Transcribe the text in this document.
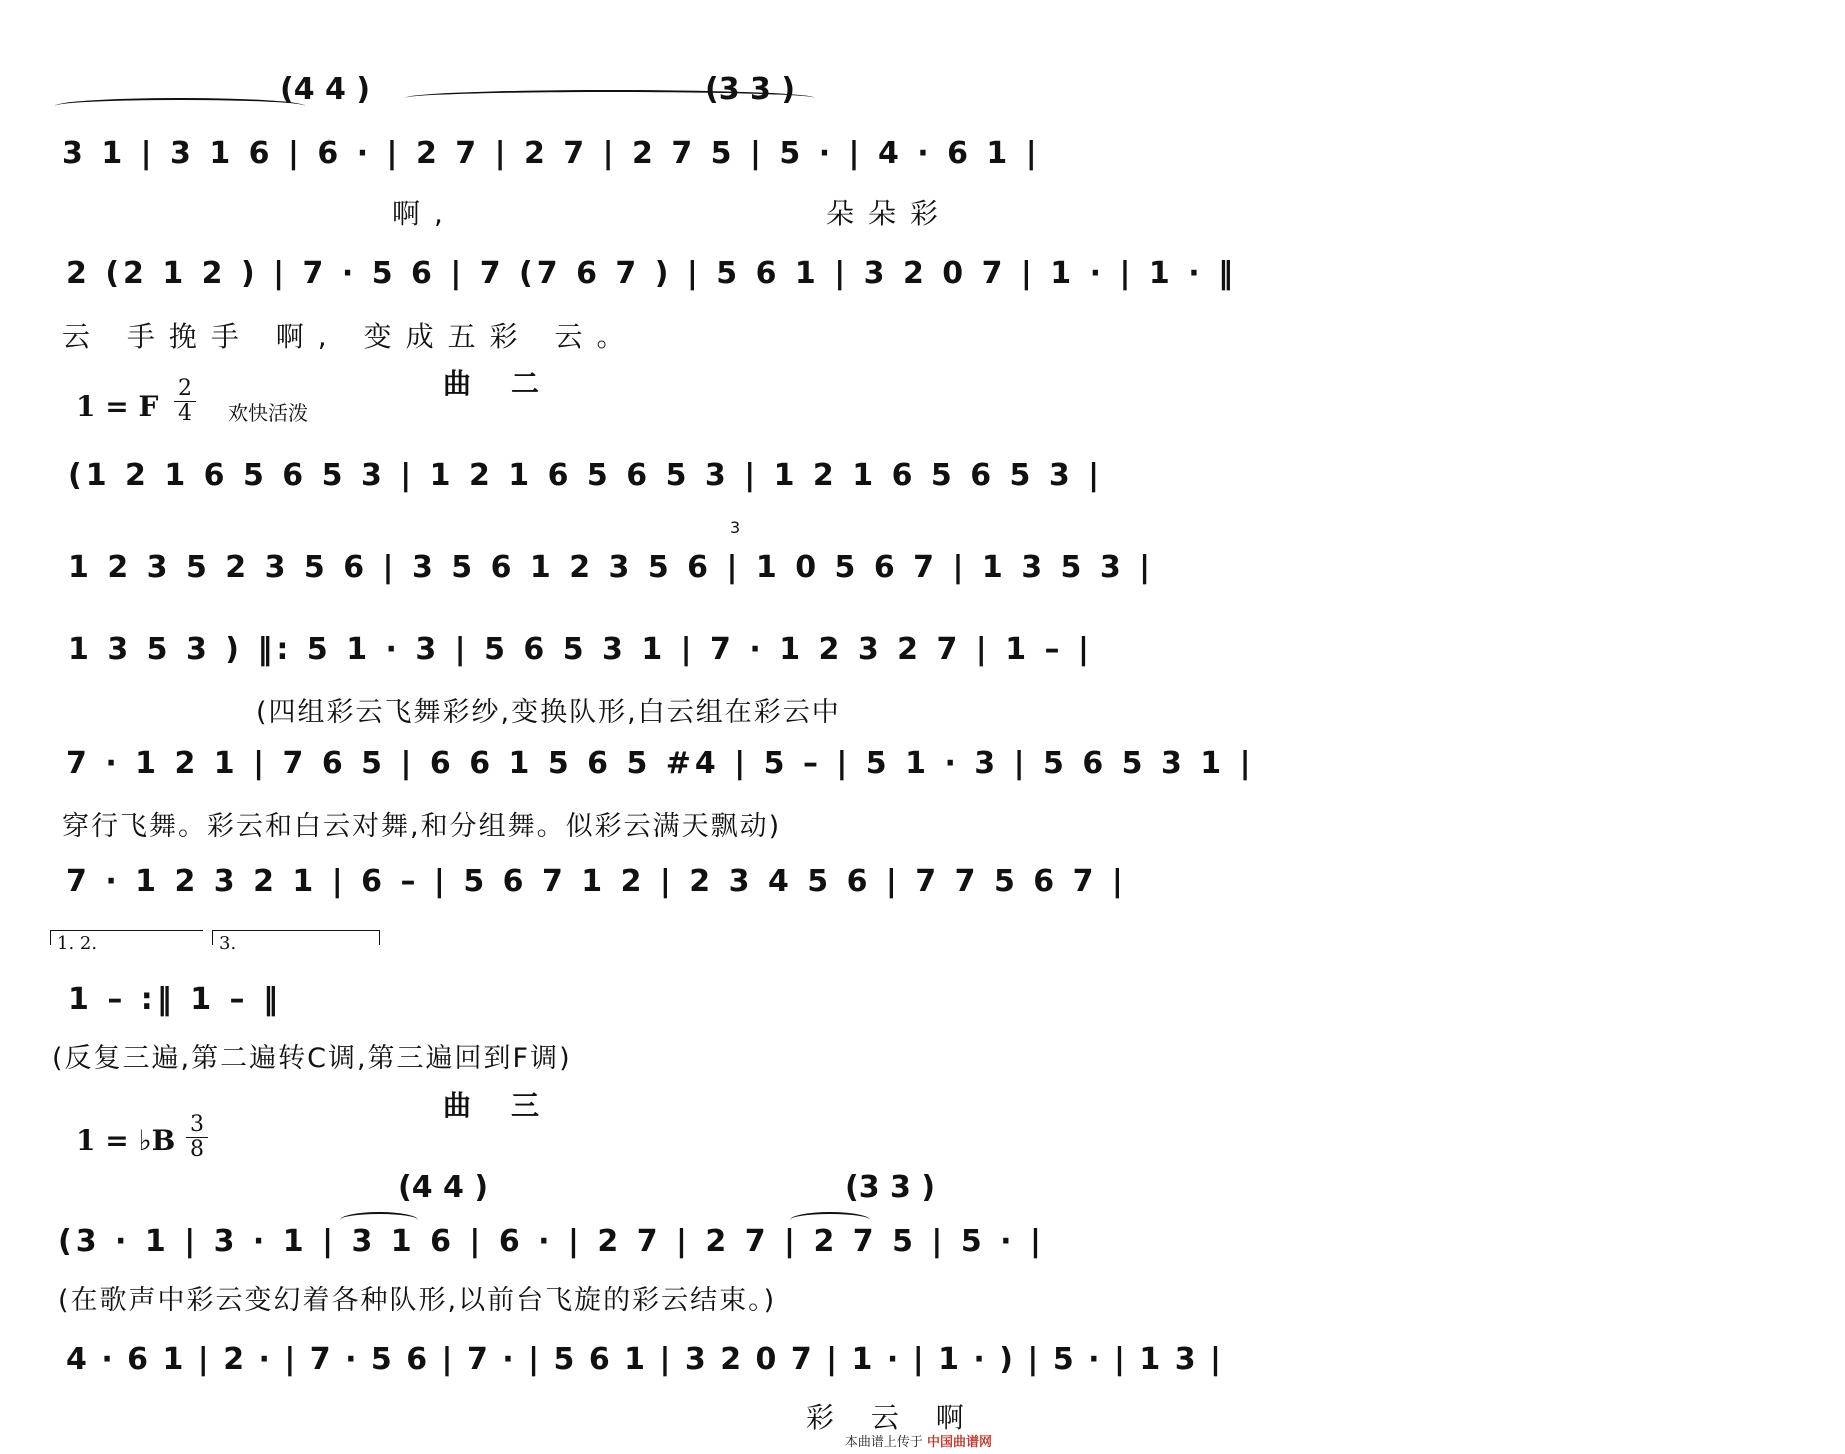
(4 4 )	(3 3 )
3 1 | 3 1 6 | 6 · | 2 7 | 2 7 | 2 7 5 | 5 · | 4 · 6 1 |
啊,	朵朵彩
2 (2 1 2 ) | 7 · 5 6 | 7 (7 6 7 ) | 5 6 1 | 3 2 0 7 | 1 · | 1 · ‖
云 手挽手 啊, 变成五彩 云。
曲二
1 = F
2
4 欢快活泼
(1 2 1 6 5 6 5 3 | 1 2 1 6 5 6 5 3 | 1 2 1 6 5 6 5 3 |
3
1 2 3 5 2 3 5 6 | 3 5 6 1 2 3 5 6 | 1 0 5 6 7 | 1 3 5 3 |
1 3 5 3 ) ‖: 5 1 · 3 | 5 6 5 3 1 | 7 · 1 2 3 2 7 | 1 – |
(四组彩云飞舞彩纱,变换队形,白云组在彩云中
7 · 1 2 1 | 7 6 5 | 6 6 1 5 6 5 #4 | 5 – | 5 1 · 3 | 5 6 5 3 1 |
穿行飞舞。彩云和白云对舞,和分组舞。似彩云满天飘动)
7 · 1 2 3 2 1 | 6 – | 5 6 7 1 2 | 2 3 4 5 6 | 7 7 5 6 7 |
1. 2.	3.
1 – :‖ 1 – ‖
(反复三遍,第二遍转C调,第三遍回到F调)
曲三
1 = ♭B 3
8
(4 4 )	(3 3 )
(3 · 1 | 3 · 1 | 3 1 6 | 6 · | 2 7 | 2 7 | 2 7 5 | 5 · |
(在歌声中彩云变幻着各种队形,以前台飞旋的彩云结束。)
4 · 6 1 | 2 · | 7 · 5 6 | 7 · | 5 6 1 | 3 2 0 7 | 1 · | 1 · ) | 5 · | 1 3 |
彩 云 啊
本曲谱上传于 中国曲谱网
